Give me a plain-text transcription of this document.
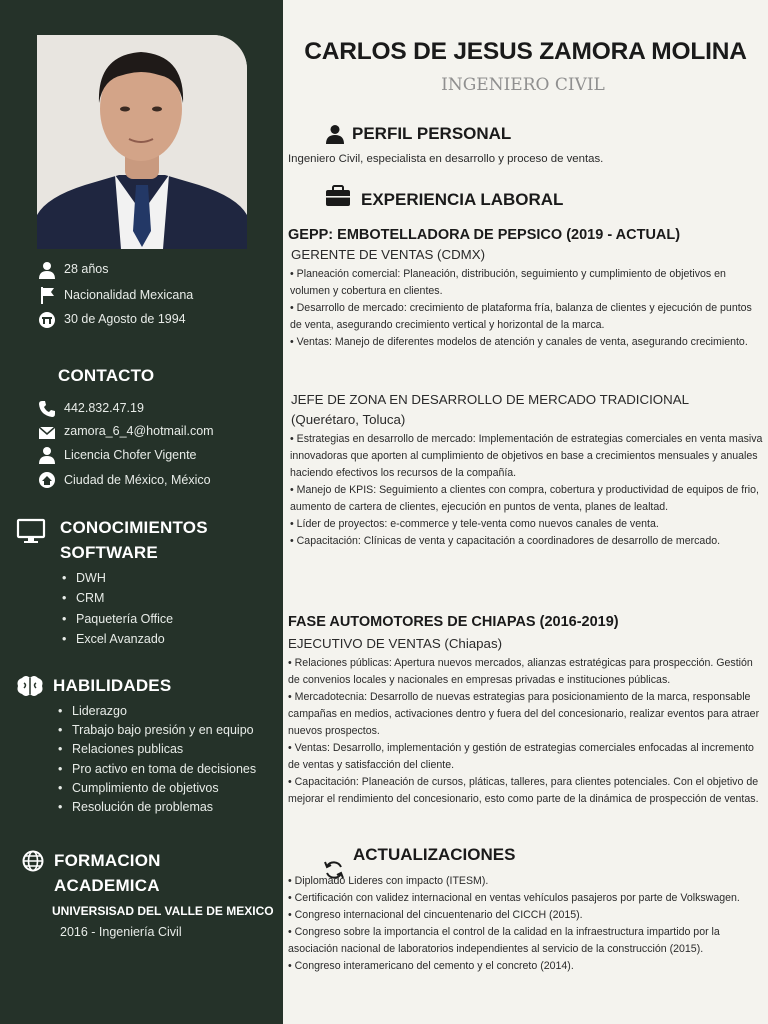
28 años
Nacionalidad Mexicana
30 de Agosto de 1994
CONTACTO
442.832.47.19
zamora_6_4@hotmail.com
Licencia Chofer Vigente
Ciudad de México, México
CONOCIMIENTOS
SOFTWARE
• DWH
• CRM
• Paquetería Office
• Excel Avanzado
HABILIDADES
• Liderazgo
• Trabajo bajo presión y en equipo
• Relaciones publicas
• Pro activo en toma de decisiones
• Cumplimiento de objetivos
• Resolución de problemas
FORMACION
ACADEMICA
UNIVERSISAD DEL VALLE DE MEXICO
2016 - Ingeniería Civil
CARLOS DE JESUS ZAMORA MOLINA
INGENIERO CIVIL
PERFIL PERSONAL
Ingeniero Civil, especialista en desarrollo y proceso de ventas.
EXPERIENCIA LABORAL
GEPP: EMBOTELLADORA DE PEPSICO (2019 - ACTUAL)
GERENTE DE VENTAS (CDMX)
• Planeación comercial: Planeación, distribución, seguimiento y cumplimiento de objetivos en volumen y cobertura en clientes.
• Desarrollo de mercado: crecimiento de plataforma fría, balanza de clientes y ejecución de puntos de venta, asegurando crecimiento vertical y horizontal de la marca.
• Ventas: Manejo de diferentes modelos de atención y canales de venta, asegurando crecimiento.
JEFE DE ZONA EN DESARROLLO DE MERCADO TRADICIONAL
(Querétaro, Toluca)
• Estrategias en desarrollo de mercado: Implementación de estrategias comerciales en venta masiva innovadoras que aporten al cumplimiento de objetivos en base a crecimientos mensuales y anuales haciendo efectivos los recursos de la compañía.
• Manejo de KPIS: Seguimiento a clientes con compra, cobertura y productividad de equipos de frio, aumento de cartera de clientes, ejecución en puntos de venta, planes de lealtad.
• Líder de proyectos: e-commerce y tele-venta como nuevos canales de venta.
• Capacitación: Clínicas de venta y capacitación a coordinadores de desarrollo de mercado.
FASE AUTOMOTORES DE CHIAPAS (2016-2019)
EJECUTIVO DE VENTAS (Chiapas)
• Relaciones públicas: Apertura nuevos mercados, alianzas estratégicas para prospección. Gestión de convenios locales y nacionales en empresas privadas e instituciones públicas.
• Mercadotecnia: Desarrollo de nuevas estrategias para posicionamiento de la marca, responsable campañas en medios, activaciones dentro y fuera del del concesionario, realizar eventos para atraer nuevos prospectos.
• Ventas: Desarrollo, implementación y gestión de estrategias comerciales enfocadas al incremento de ventas y satisfacción del cliente.
• Capacitación: Planeación de cursos, pláticas, talleres, para clientes potenciales. Con el objetivo de mejorar el rendimiento del concesionario, esto como parte de la dinámica de prospección de ventas.
ACTUALIZACIONES
• Diplomado Lideres con impacto (ITESM).
• Certificación con validez internacional en ventas vehículos pasajeros por parte de Volkswagen.
• Congreso internacional del cincuentenario del CICCH (2015).
• Congreso sobre la importancia el control de la calidad en la infraestructura impartido por la asociación nacional de laboratorios independientes al servicio de la construcción (2015).
• Congreso interamericano del cemento y el concreto (2014).
